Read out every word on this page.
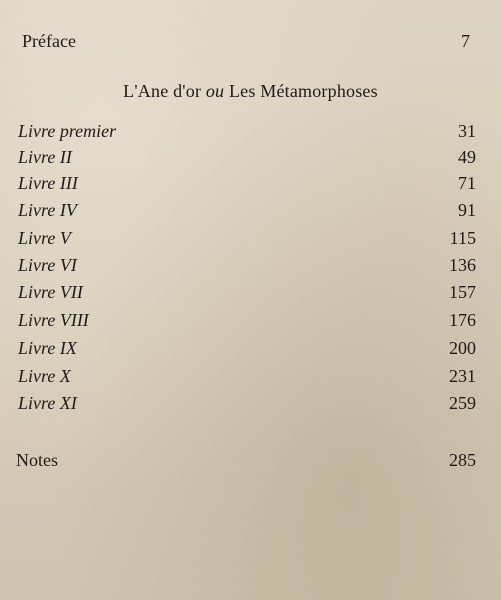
Préface	7
L'Ane d'or ou Les Métamorphoses
Livre premier	31
Livre II	49
Livre III	71
Livre IV	91
Livre V	115
Livre VI	136
Livre VII	157
Livre VIII	176
Livre IX	200
Livre X	231
Livre XI	259
Notes	285
